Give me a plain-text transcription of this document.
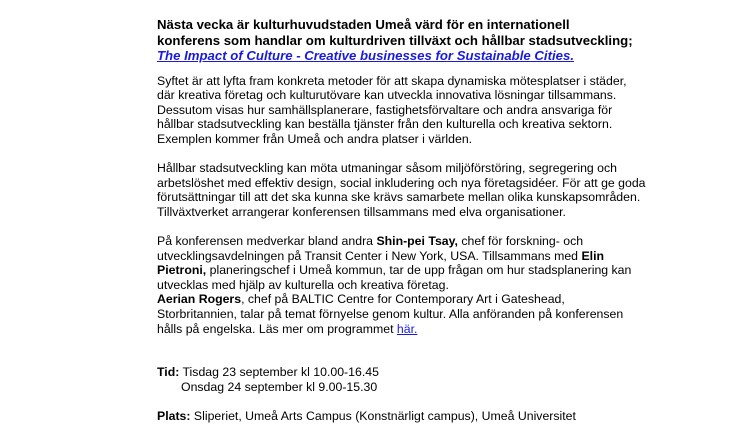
Nästa vecka är kulturhuvudstaden Umeå värd för en internationell
konferens som handlar om kulturdriven tillväxt och hållbar stadsutveckling;
The Impact of Culture - Creative businesses for Sustainable Cities.

Syftet är att lyfta fram konkreta metoder för att skapa dynamiska mötesplatser i städer,
där kreativa företag och kulturutövare kan utveckla innovativa lösningar tillsammans.
Dessutom visas hur samhällsplanerare, fastighetsförvaltare och andra ansvariga för
hållbar stadsutveckling kan beställa tjänster från den kulturella och kreativa sektorn.
Exemplen kommer från Umeå och andra platser i världen.

Hållbar stadsutveckling kan möta utmaningar såsom miljöförstöring, segregering och
arbetslöshet med effektiv design, social inkludering och nya företagsidéer. För att ge goda
förutsättningar till att det ska kunna ske krävs samarbete mellan olika kunskapsområden.
Tillväxtverket arrangerar konferensen tillsammans med elva organisationer.

På konferensen medverkar bland andra Shin-pei Tsay, chef för forskning- och
utvecklingsavdelningen på Transit Center i New York, USA. Tillsammans med Elin
Pietroni, planeringschef i Umeå kommun, tar de upp frågan om hur stadsplanering kan
utvecklas med hjälp av kulturella och kreativa företag.
Aerian Rogers, chef på BALTIC Centre for Contemporary Art i Gateshead,
Storbritannien, talar på temat förnyelse genom kultur. Alla anföranden på konferensen
hålls på engelska. Läs mer om programmet här.

Tid: Tisdag 23 september kl 10.00-16.45
Onsdag 24 september kl 9.00-15.30

Plats: Sliperiet, Umeå Arts Campus (Konstnärligt campus), Umeå Universitet
